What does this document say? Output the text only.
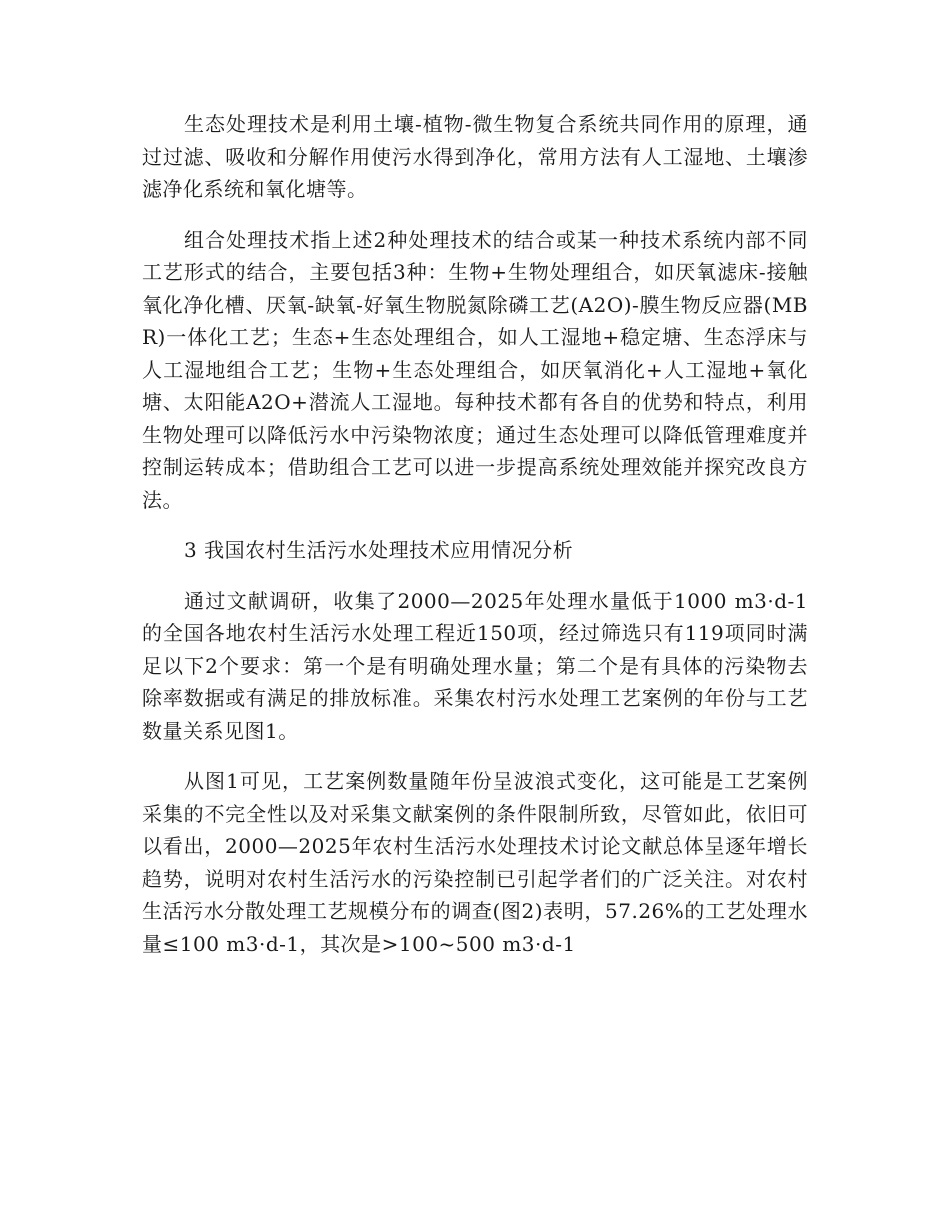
生态处理技术是利用土壤-植物-微生物复合系统共同作用的原理，通过过滤、吸收和分解作用使污水得到净化，常用方法有人工湿地、土壤渗滤净化系统和氧化塘等。

组合处理技术指上述2种处理技术的结合或某一种技术系统内部不同工艺形式的结合，主要包括3种：生物+生物处理组合，如厌氧滤床-接触氧化净化槽、厌氧-缺氧-好氧生物脱氮除磷工艺(A2O)-膜生物反应器(MBR)一体化工艺；生态+生态处理组合，如人工湿地+稳定塘、生态浮床与人工湿地组合工艺；生物+生态处理组合，如厌氧消化+人工湿地+氧化塘、太阳能A2O+潜流人工湿地。每种技术都有各自的优势和特点，利用生物处理可以降低污水中污染物浓度；通过生态处理可以降低管理难度并控制运转成本；借助组合工艺可以进一步提高系统处理效能并探究改良方法。

3 我国农村生活污水处理技术应用情况分析

通过文献调研，收集了2000—2025年处理水量低于1000 m3·d-1的全国各地农村生活污水处理工程近150项，经过筛选只有119项同时满足以下2个要求：第一个是有明确处理水量；第二个是有具体的污染物去除率数据或有满足的排放标准。采集农村污水处理工艺案例的年份与工艺数量关系见图1。

从图1可见，工艺案例数量随年份呈波浪式变化，这可能是工艺案例采集的不完全性以及对采集文献案例的条件限制所致，尽管如此，依旧可以看出，2000—2025年农村生活污水处理技术讨论文献总体呈逐年增长趋势，说明对农村生活污水的污染控制已引起学者们的广泛关注。对农村生活污水分散处理工艺规模分布的调查(图2)表明，57.26%的工艺处理水量≤100 m3·d-1，其次是>100~500 m3·d-1
